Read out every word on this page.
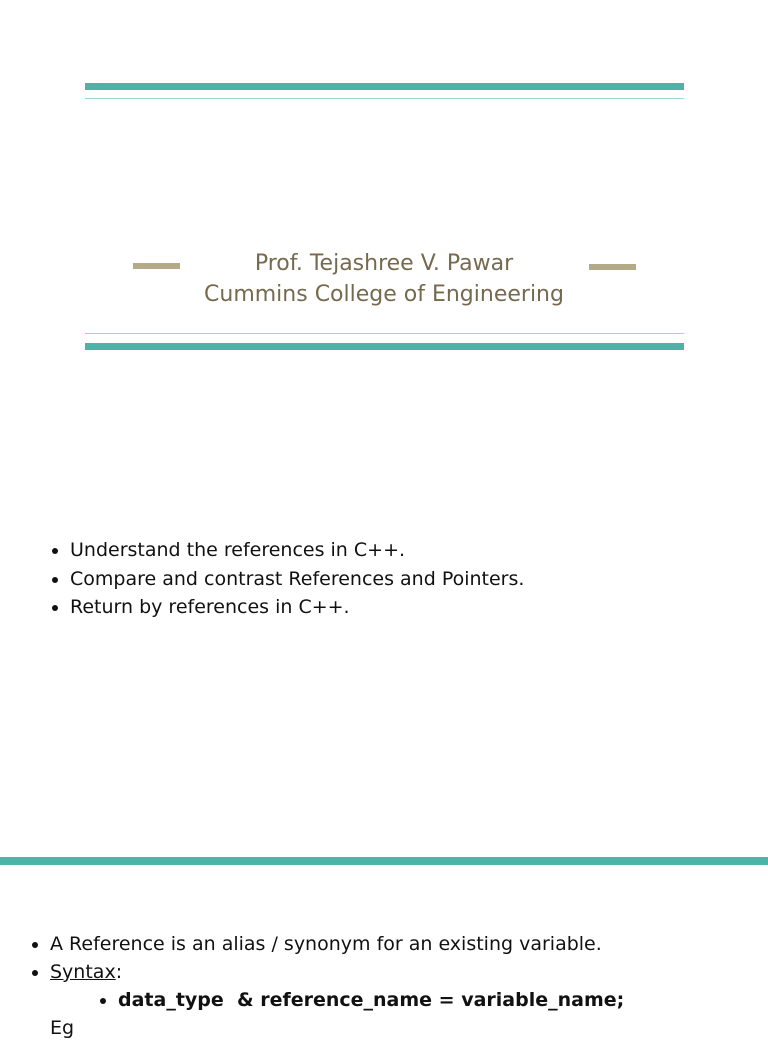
Prof. Tejashree V. Pawar
Cummins College of Engineering
• Understand the references in C++.
• Compare and contrast References and Pointers.
• Return by references in C++.
• A Reference is an alias / synonym for an existing variable.
• Syntax:
• data_type  & reference_name = variable_name;
Eg
